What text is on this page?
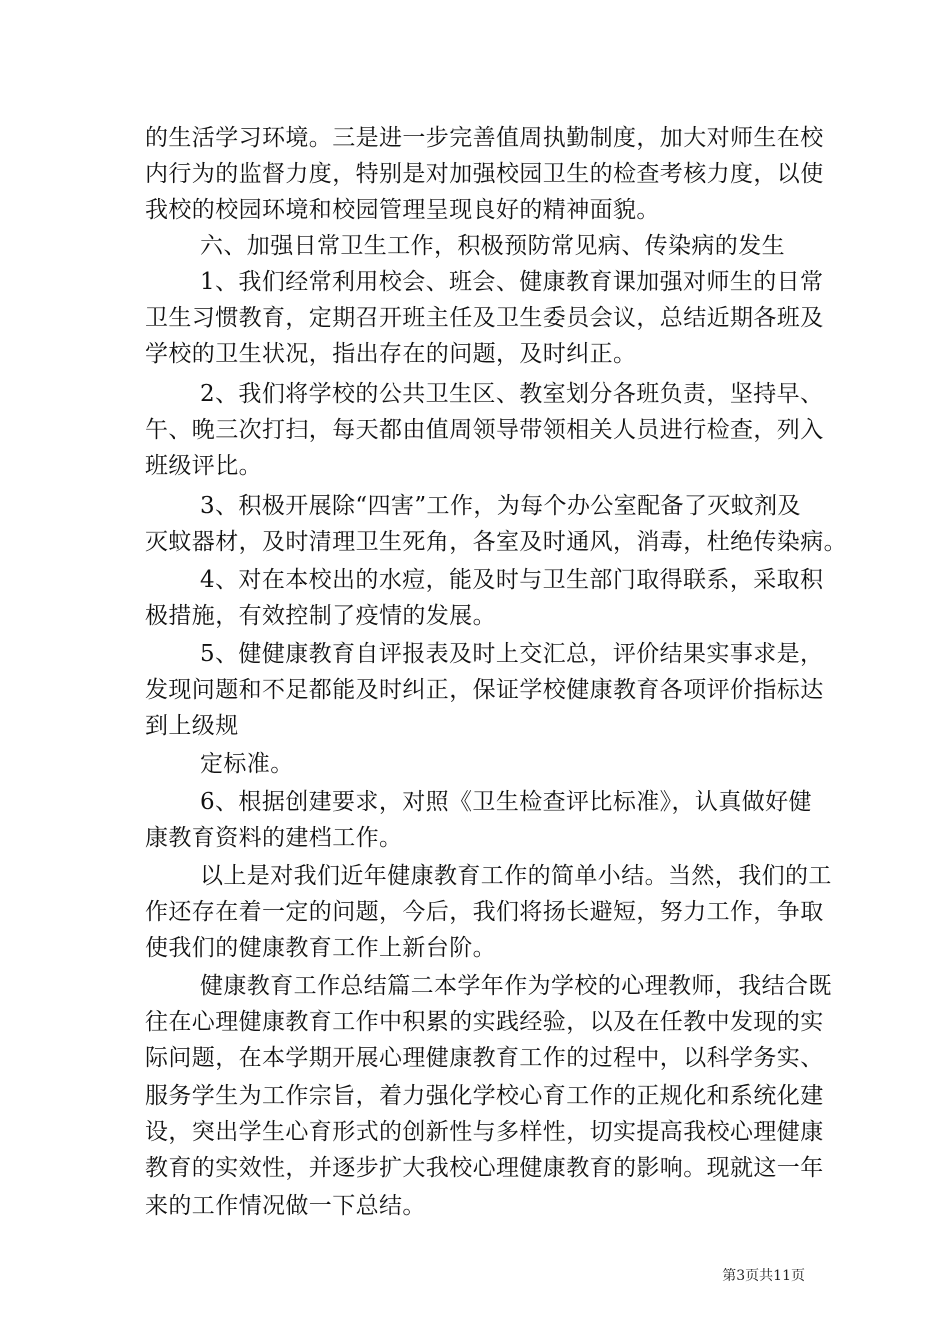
的生活学习环境。三是进一步完善值周执勤制度，加大对师生在校
内行为的监督力度，特别是对加强校园卫生的检查考核力度，以使
我校的校园环境和校园管理呈现良好的精神面貌。
六、加强日常卫生工作，积极预防常见病、传染病的发生
1、我们经常利用校会、班会、健康教育课加强对师生的日常
卫生习惯教育，定期召开班主任及卫生委员会议，总结近期各班及
学校的卫生状况，指出存在的问题，及时纠正。
2、我们将学校的公共卫生区、教室划分各班负责，坚持早、
午、晚三次打扫，每天都由值周领导带领相关人员进行检查，列入
班级评比。
3、积极开展除“四害”工作，为每个办公室配备了灭蚊剂及
灭蚊器材，及时清理卫生死角，各室及时通风，消毒，杜绝传染病。
4、对在本校出的水痘，能及时与卫生部门取得联系，采取积
极措施，有效控制了疫情的发展。
5、健健康教育自评报表及时上交汇总，评价结果实事求是，
发现问题和不足都能及时纠正，保证学校健康教育各项评价指标达
到上级规
定标准。
6、根据创建要求，对照《卫生检查评比标准》，认真做好健
康教育资料的建档工作。
以上是对我们近年健康教育工作的简单小结。当然，我们的工
作还存在着一定的问题，今后，我们将扬长避短，努力工作，争取
使我们的健康教育工作上新台阶。
健康教育工作总结篇二本学年作为学校的心理教师，我结合既
往在心理健康教育工作中积累的实践经验，以及在任教中发现的实
际问题，在本学期开展心理健康教育工作的过程中，以科学务实、
服务学生为工作宗旨，着力强化学校心育工作的正规化和系统化建
设，突出学生心育形式的创新性与多样性，切实提高我校心理健康
教育的实效性，并逐步扩大我校心理健康教育的影响。现就这一年
来的工作情况做一下总结。
第3页共11页
